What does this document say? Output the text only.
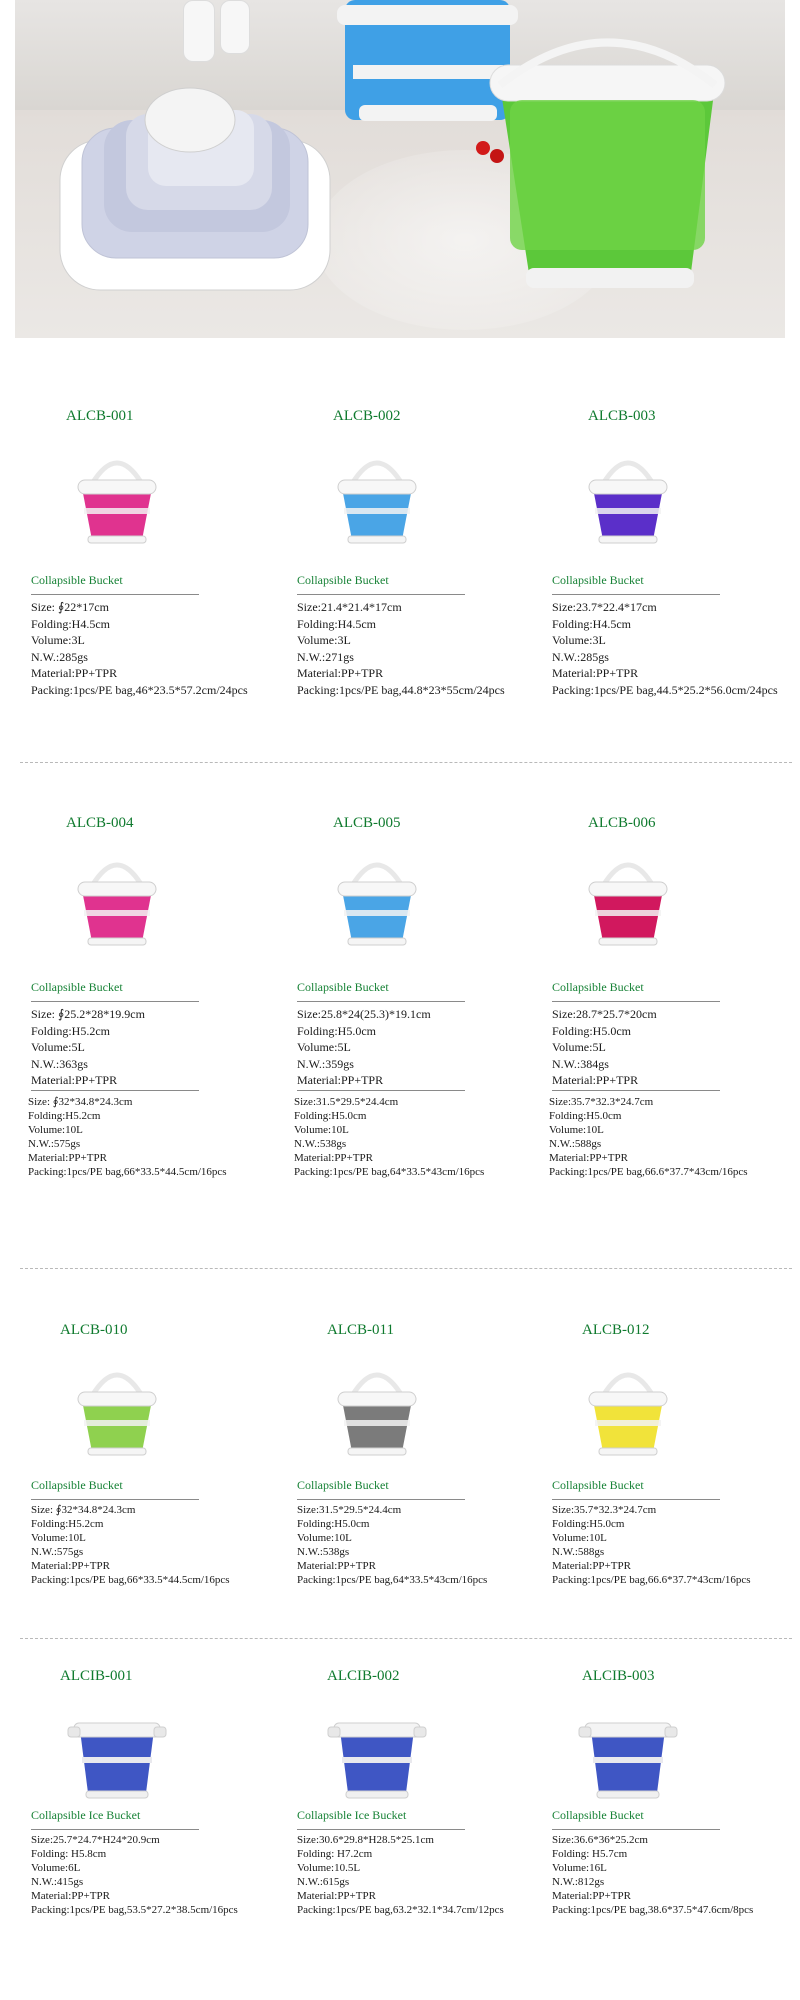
ALCB-001
Collapsible Bucket
Size: ∮22*17cm
Folding:H4.5cm
Volume:3L
N.W.:285gs
Material:PP+TPR
Packing:1pcs/PE bag,46*23.5*57.2cm/24pcs
ALCB-002
Collapsible Bucket
Size:21.4*21.4*17cm
Folding:H4.5cm
Volume:3L
N.W.:271gs
Material:PP+TPR
Packing:1pcs/PE bag,44.8*23*55cm/24pcs
ALCB-003
Collapsible Bucket
Size:23.7*22.4*17cm
Folding:H4.5cm
Volume:3L
N.W.:285gs
Material:PP+TPR
Packing:1pcs/PE bag,44.5*25.2*56.0cm/24pcs
ALCB-004
Collapsible Bucket
Size: ∮25.2*28*19.9cm
Folding:H5.2cm
Volume:5L
N.W.:363gs
Material:PP+TPR
Size: ∮32*34.8*24.3cm
Folding:H5.2cm
Volume:10L
N.W.:575gs
Material:PP+TPR
Packing:1pcs/PE bag,66*33.5*44.5cm/16pcs
ALCB-005
Collapsible Bucket
Size:25.8*24(25.3)*19.1cm
Folding:H5.0cm
Volume:5L
N.W.:359gs
Material:PP+TPR
Size:31.5*29.5*24.4cm
Folding:H5.0cm
Volume:10L
N.W.:538gs
Material:PP+TPR
Packing:1pcs/PE bag,64*33.5*43cm/16pcs
ALCB-006
Collapsible Bucket
Size:28.7*25.7*20cm
Folding:H5.0cm
Volume:5L
N.W.:384gs
Material:PP+TPR
Size:35.7*32.3*24.7cm
Folding:H5.0cm
Volume:10L
N.W.:588gs
Material:PP+TPR
Packing:1pcs/PE bag,66.6*37.7*43cm/16pcs
ALCB-010
Collapsible Bucket
Size: ∮32*34.8*24.3cm
Folding:H5.2cm
Volume:10L
N.W.:575gs
Material:PP+TPR
Packing:1pcs/PE bag,66*33.5*44.5cm/16pcs
ALCB-011
Collapsible Bucket
Size:31.5*29.5*24.4cm
Folding:H5.0cm
Volume:10L
N.W.:538gs
Material:PP+TPR
Packing:1pcs/PE bag,64*33.5*43cm/16pcs
ALCB-012
Collapsible Bucket
Size:35.7*32.3*24.7cm
Folding:H5.0cm
Volume:10L
N.W.:588gs
Material:PP+TPR
Packing:1pcs/PE bag,66.6*37.7*43cm/16pcs
ALCIB-001
Collapsible Ice Bucket
Size:25.7*24.7*H24*20.9cm
Folding: H5.8cm
Volume:6L
N.W.:415gs
Material:PP+TPR
Packing:1pcs/PE bag,53.5*27.2*38.5cm/16pcs
ALCIB-002
Collapsible Ice Bucket
Size:30.6*29.8*H28.5*25.1cm
Folding: H7.2cm
Volume:10.5L
N.W.:615gs
Material:PP+TPR
Packing:1pcs/PE bag,63.2*32.1*34.7cm/12pcs
ALCIB-003
Collapsible Bucket
Size:36.6*36*25.2cm
Folding: H5.7cm
Volume:16L
N.W.:812gs
Material:PP+TPR
Packing:1pcs/PE bag,38.6*37.5*47.6cm/8pcs
